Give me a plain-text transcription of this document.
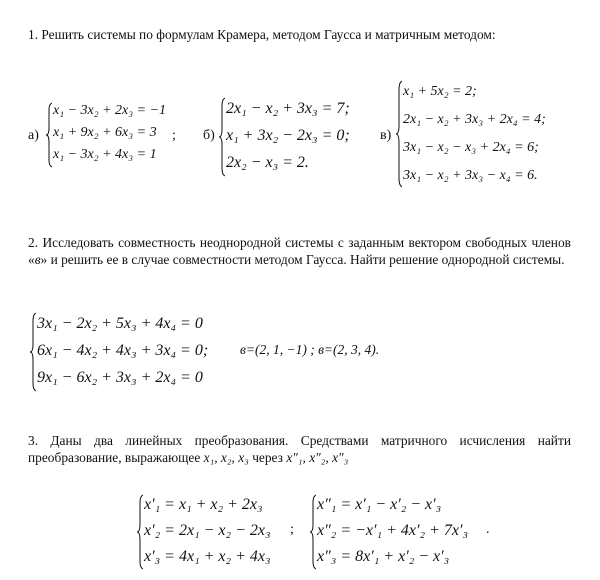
1. Решить системы по формулам Крамера, методом Гаусса и матричным методом:
а)
x₁ − 3x₂ + 2x₃ = −1
x₁ + 9x₂ + 6x₃ = 3
x₁ − 3x₂ + 4x₃ = 1
; б)
2x₁ − x₂ + 3x₃ = 7;
x₁ + 3x₂ − 2x₃ = 0;
2x₂ − x₃ = 2.
в)
x₁ + 5x₂ = 2;
2x₁ − x₂ + 3x₃ + 2x₄ = 4;
3x₁ − x₂ − x₃ + 2x₄ = 6;
3x₁ − x₂ + 3x₃ − x₄ = 6.
2. Исследовать совместность неоднородной системы с заданным вектором свободных членов «в» и решить ее в случае совместности методом Гаусса. Найти решение однородной системы.
3x₁ − 2x₂ + 5x₃ + 4x₄ = 0
6x₁ − 4x₂ + 4x₃ + 3x₄ = 0;
9x₁ − 6x₂ + 3x₃ + 2x₄ = 0
в=(2, 1, −1) ; в=(2, 3, 4).
3. Даны два линейных преобразования. Средствами матричного исчисления найти преобразование, выражающее x₁, x₂, x₃ через x″₁, x″₂, x″₃
x′₁ = x₁ + x₂ + 2x₃
x′₂ = 2x₁ − x₂ − 2x₃
x′₃ = 4x₁ + x₂ + 4x₃
;
x″₁ = x′₁ − x′₂ − x′₃
x″₂ = −x′₁ + 4x′₂ + 7x′₃
x″₃ = 8x′₁ + x′₂ − x′₃
.
